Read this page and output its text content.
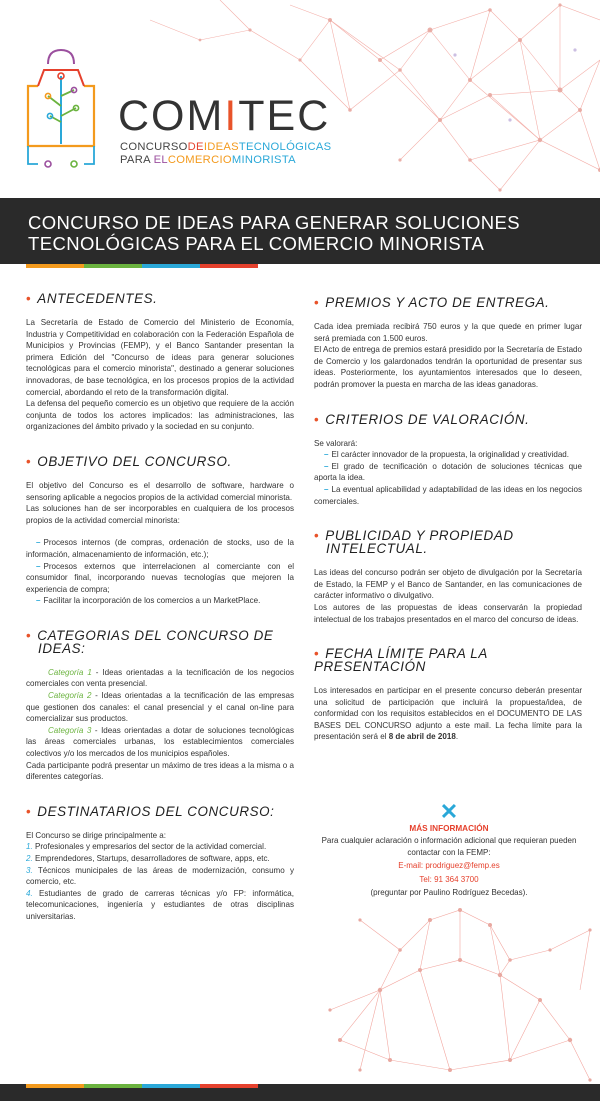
COMITEC
CONCURSODEIDEASTECNOLÓGICAS
PARA ELCOMERCIOMINORISTA
CONCURSO DE IDEAS PARA GENERAR SOLUCIONES
TECNOLÓGICAS PARA EL COMERCIO MINORISTA
• ANTECEDENTES.

La Secretaría de Estado de Comercio del Ministerio de Economía, Industria y Competitividad en colaboración con la Federación Española de Municipios y Provincias (FEMP), y el Banco Santander presentan la primera Edición del "Concurso de ideas para generar soluciones tecnológicas para el comercio minorista", destinado a generar soluciones innovadoras, de base tecnológica, en los procesos propios de la actividad comercial, abordando el reto de la transformación digital.

La defensa del pequeño comercio es un objetivo que requiere de la acción conjunta de todos los actores implicados: las administraciones, las organizaciones del ámbito privado y la sociedad en su conjunto.

• OBJETIVO DEL CONCURSO.

El objetivo del Concurso es el desarrollo de software, hardware o sensoring aplicable a negocios propios de la actividad comercial minorista.

Las soluciones han de ser incorporables en cualquiera de los procesos propios de la actividad comercial minorista:

– Procesos internos (de compras, ordenación de stocks, uso de la información, almacenamiento de información, etc.);

– Procesos externos que interrelacionen al comerciante con el consumidor final, incorporando nuevas tecnologías que mejoren la experiencia de compra;

– Facilitar la incorporación de los comercios a un MarketPlace.

• CATEGORIAS DEL CONCURSO DE
IDEAS:

Categoría 1 - Ideas orientadas a la tecnificación de los negocios comerciales con venta presencial.

Categoría 2 - Ideas orientadas a la tecnificación de las empresas que gestionen dos canales: el canal presencial y el canal on-line para comercializar sus productos.

Categoría 3 - Ideas orientadas a dotar de soluciones tecnológicas las áreas comerciales urbanas, los establecimientos comerciales colectivos y/o los mercados de los municipios españoles.

Cada participante podrá presentar un máximo de tres ideas a la misma o a diferentes categorías.

• DESTINATARIOS DEL CONCURSO:

El Concurso se dirige principalmente a:

1. Profesionales y empresarios del sector de la actividad comercial.

2. Emprendedores, Startups, desarrolladores de software, apps, etc.

3. Técnicos municipales de las áreas de modernización, consumo y comercio, etc.

4. Estudiantes de grado de carreras técnicas y/o FP: informática, telecomunicaciones, ingeniería y estudiantes de otras disciplinas universitarias.

• PREMIOS Y ACTO DE ENTREGA.

Cada idea premiada recibirá 750 euros y la que quede en primer lugar será premiada con 1.500 euros.

El Acto de entrega de premios estará presidido por la Secretaría de Estado de Comercio y los galardonados tendrán la oportunidad de presentar sus ideas. Posteriormente, los ayuntamientos interesados que lo deseen, podrán promover la puesta en marcha de las ideas ganadoras.

• CRITERIOS DE VALORACIÓN.

Se valorará:

– El carácter innovador de la propuesta, la originalidad y creatividad.

– El grado de tecnificación o dotación de soluciones técnicas que aporta la idea.

– La eventual aplicabilidad y adaptabilidad de las ideas en los negocios comerciales.

• PUBLICIDAD Y PROPIEDAD
INTELECTUAL.

Las ideas del concurso podrán ser objeto de divulgación por la Secretaría de Estado, la FEMP y el Banco de Santander, en las comunicaciones de carácter informativo o divulgativo.

Los autores de las propuestas de ideas conservarán la propiedad intelectual de los trabajos presentados en el marco del concurso de ideas.

• FECHA LÍMITE PARA LA PRESENTACIÓN

Los interesados en participar en el presente concurso deberán presentar una solicitud de participación que incluirá la propuesta/idea, de conformidad con los requisitos establecidos en el DOCUMENTO DE LAS BASES DEL CONCURSO adjunto a este mail. La fecha límite para la presentación será el 8 de abril de 2018.

✕
MÁS INFORMACIÓN
Para cualquier aclaración o información adicional que requieran pueden contactar con la FEMP:
E-mail: prodriguez@femp.es
Tel: 91 364 3700
(preguntar por Paulino Rodríguez Becedas).
